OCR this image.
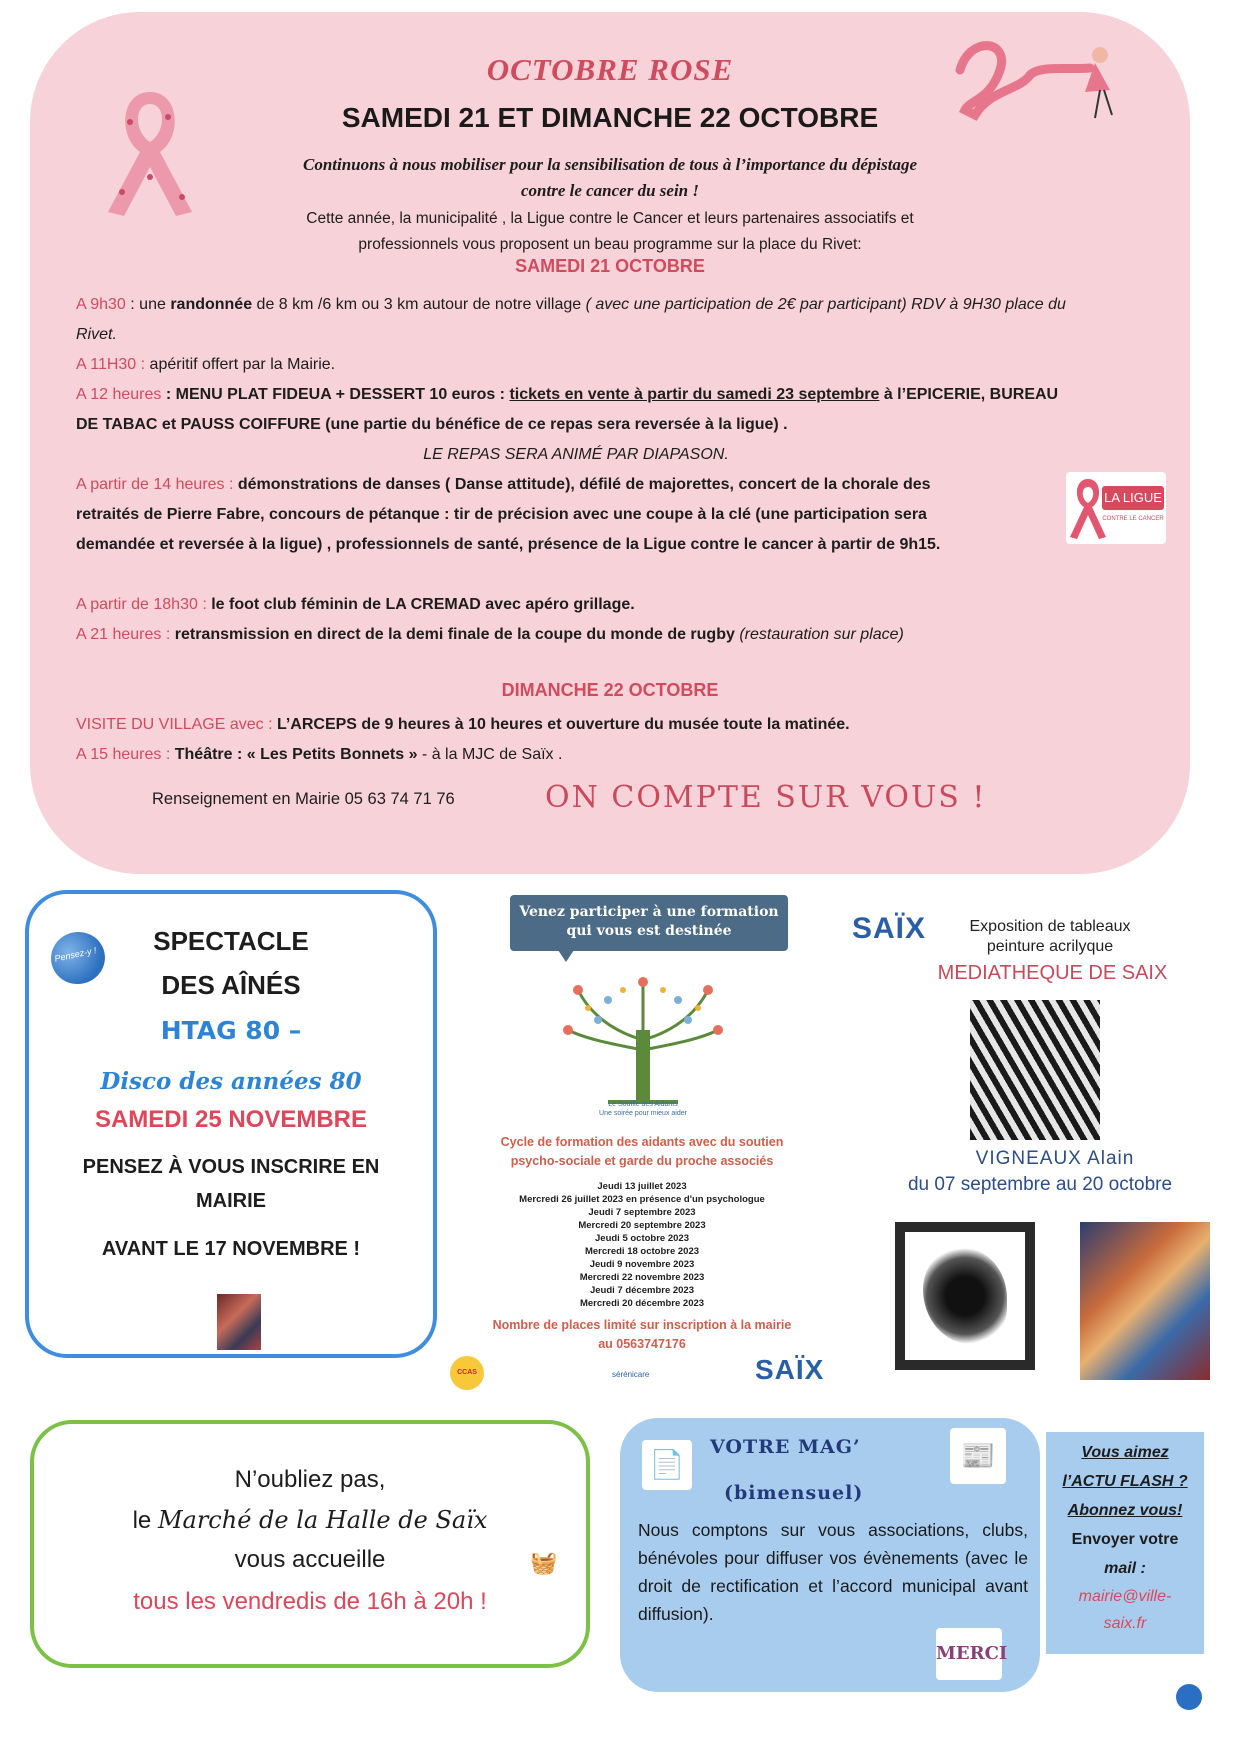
OCTOBRE ROSE
SAMEDI 21 ET DIMANCHE 22 OCTOBRE
Continuons à nous mobiliser pour la sensibilisation de tous à l’importance du dépistage
contre le cancer du sein !
Cette année, la municipalité , la Ligue contre le Cancer et leurs partenaires associatifs et
professionnels vous proposent un beau programme sur la place du Rivet:
SAMEDI 21 OCTOBRE
A 9h30 : une randonnée de 8 km /6 km ou 3 km autour de notre village ( avec une participation de 2€ par participant) RDV à 9H30 place du Rivet.
A 11H30 : apéritif offert par la Mairie.
A 12 heures : MENU PLAT FIDEUA + DESSERT 10 euros : tickets en vente à partir du samedi 23 septembre à l’EPICERIE, BUREAU DE TABAC et PAUSS COIFFURE (une partie du bénéfice de ce repas sera reversée à la ligue) .
LE REPAS SERA ANIMÉ PAR DIAPASON.
A partir de 14 heures : démonstrations de danses ( Danse attitude), défilé de majorettes, concert de la chorale des retraités de Pierre Fabre, concours de pétanque : tir de précision avec une coupe à la clé (une participation sera demandée et reversée à la ligue) , professionnels de santé, présence de la Ligue contre le cancer à partir de 9h15.
A partir de 18h30 : le foot club féminin de LA CREMAD avec apéro grillage.
A 21 heures : retransmission en direct de la demi finale de la coupe du monde de rugby (restauration sur place)
DIMANCHE 22 OCTOBRE
VISITE DU VILLAGE avec : L’ARCEPS de 9 heures à 10 heures et ouverture du musée toute la matinée.
A 15 heures : Théâtre : « Les Petits Bonnets » - à la MJC de Saïx .
LA LIGUE
CONTRE LE CANCER
Renseignement en Mairie 05 63 74 71 76	ON COMPTE SUR VOUS !
Pensez-y !	SPECTACLE
DES AÎNÉS
HTAG 80 –
Disco des années 80
SAMEDI 25 NOVEMBRE
PENSEZ À VOUS INSCRIRE EN
MAIRIE
AVANT LE 17 NOVEMBRE !
Venez participer à une formation
qui vous est destinée
Le Souffle des Aidants
Une soirée pour mieux aider
Cycle de formation des aidants avec du soutien
psycho-sociale et garde du proche associés
Jeudi 13 juillet 2023
Mercredi 26 juillet 2023 en présence d'un psychologue
Jeudi 7 septembre 2023
Mercredi 20 septembre 2023
Jeudi 5 octobre 2023
Mercredi 18 octobre 2023
Jeudi 9 novembre 2023
Mercredi 22 novembre 2023
Jeudi 7 décembre 2023
Mercredi 20 décembre 2023
Nombre de places limité sur inscription à la mairie
au 0563747176
CCAS	sérénicare	SAÏX
SAÏX	Exposition de tableaux
peinture acrilyque
MEDIATHEQUE DE SAIX
VIGNEAUX Alain
du 07 septembre au 20 octobre
N’oubliez pas,
le Marché de la Halle de Saïx
vous accueille
tous les vendredis de 16h à 20h !
🧺
📄
VOTRE MAG’
(bimensuel)
📰
Nous comptons sur vous associations, clubs, bénévoles pour diffuser vos évènements (avec le droit de rectification et l’accord municipal avant diffusion).
MERCI
Vous aimez
l’ACTU FLASH ?
Abonnez vous!
Envoyer votre
mail :
mairie@ville-saix.fr
